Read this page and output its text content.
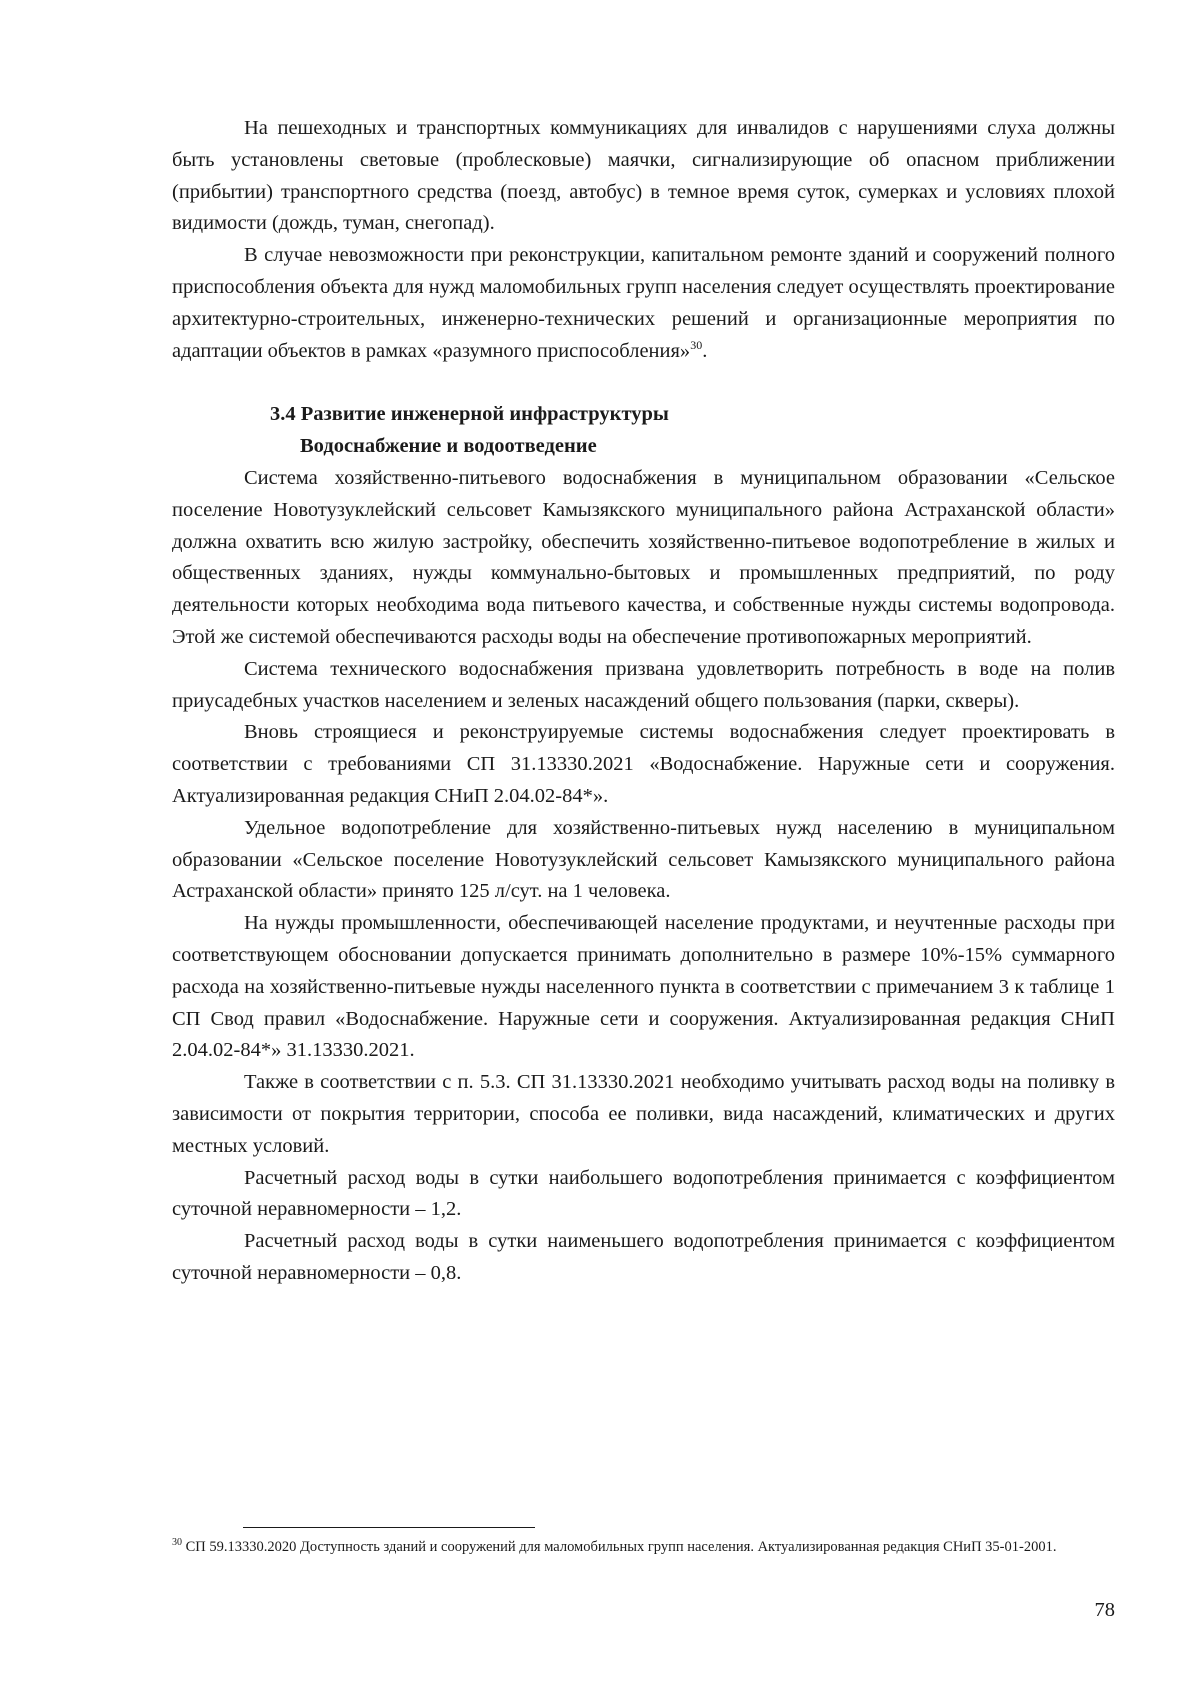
На пешеходных и транспортных коммуникациях для инвалидов с нарушениями слуха должны быть установлены световые (проблесковые) маячки, сигнализирующие об опасном приближении (прибытии) транспортного средства (поезд, автобус) в темное время суток, сумерках и условиях плохой видимости (дождь, туман, снегопад).

В случае невозможности при реконструкции, капитальном ремонте зданий и сооружений полного приспособления объекта для нужд маломобильных групп населения следует осуществлять проектирование архитектурно-строительных, инженерно-технических решений и организационные мероприятия по адаптации объектов в рамках «разумного приспособления»$^{30}$.

3.4 Развитие инженерной инфраструктуры

Водоснабжение и водоотведение

Система хозяйственно-питьевого водоснабжения в муниципальном образовании «Сельское поселение Новотузуклейский сельсовет Камызякского муниципального района Астраханской области» должна охватить всю жилую застройку, обеспечить хозяйственно-питьевое водопотребление в жилых и общественных зданиях, нужды коммунально-бытовых и промышленных предприятий, по роду деятельности которых необходима вода питьевого качества, и собственные нужды системы водопровода. Этой же системой обеспечиваются расходы воды на обеспечение противопожарных мероприятий.

Система технического водоснабжения призвана удовлетворить потребность в воде на полив приусадебных участков населением и зеленых насаждений общего пользования (парки, скверы).

Вновь строящиеся и реконструируемые системы водоснабжения следует проектировать в соответствии с требованиями СП 31.13330.2021 «Водоснабжение. Наружные сети и сооружения. Актуализированная редакция СНиП 2.04.02-84*».

Удельное водопотребление для хозяйственно-питьевых нужд населению в муниципальном образовании «Сельское поселение Новотузуклейский сельсовет Камызякского муниципального района Астраханской области» принято 125 л/сут. на 1 человека.

На нужды промышленности, обеспечивающей население продуктами, и неучтенные расходы при соответствующем обосновании допускается принимать дополнительно в размере 10%-15% суммарного расхода на хозяйственно-питьевые нужды населенного пункта в соответствии с примечанием 3 к таблице 1 СП Свод правил «Водоснабжение. Наружные сети и сооружения. Актуализированная редакция СНиП 2.04.02-84*» 31.13330.2021.

Также в соответствии с п. 5.3. СП 31.13330.2021 необходимо учитывать расход воды на поливку в зависимости от покрытия территории, способа ее поливки, вида насаждений, климатических и других местных условий.

Расчетный расход воды в сутки наибольшего водопотребления принимается с коэффициентом суточной неравномерности – 1,2.

Расчетный расход воды в сутки наименьшего водопотребления принимается с коэффициентом суточной неравномерности – 0,8.

$^{30}$ СП 59.13330.2020 Доступность зданий и сооружений для маломобильных групп населения. Актуализированная редакция СНиП 35-01-2001.
78
